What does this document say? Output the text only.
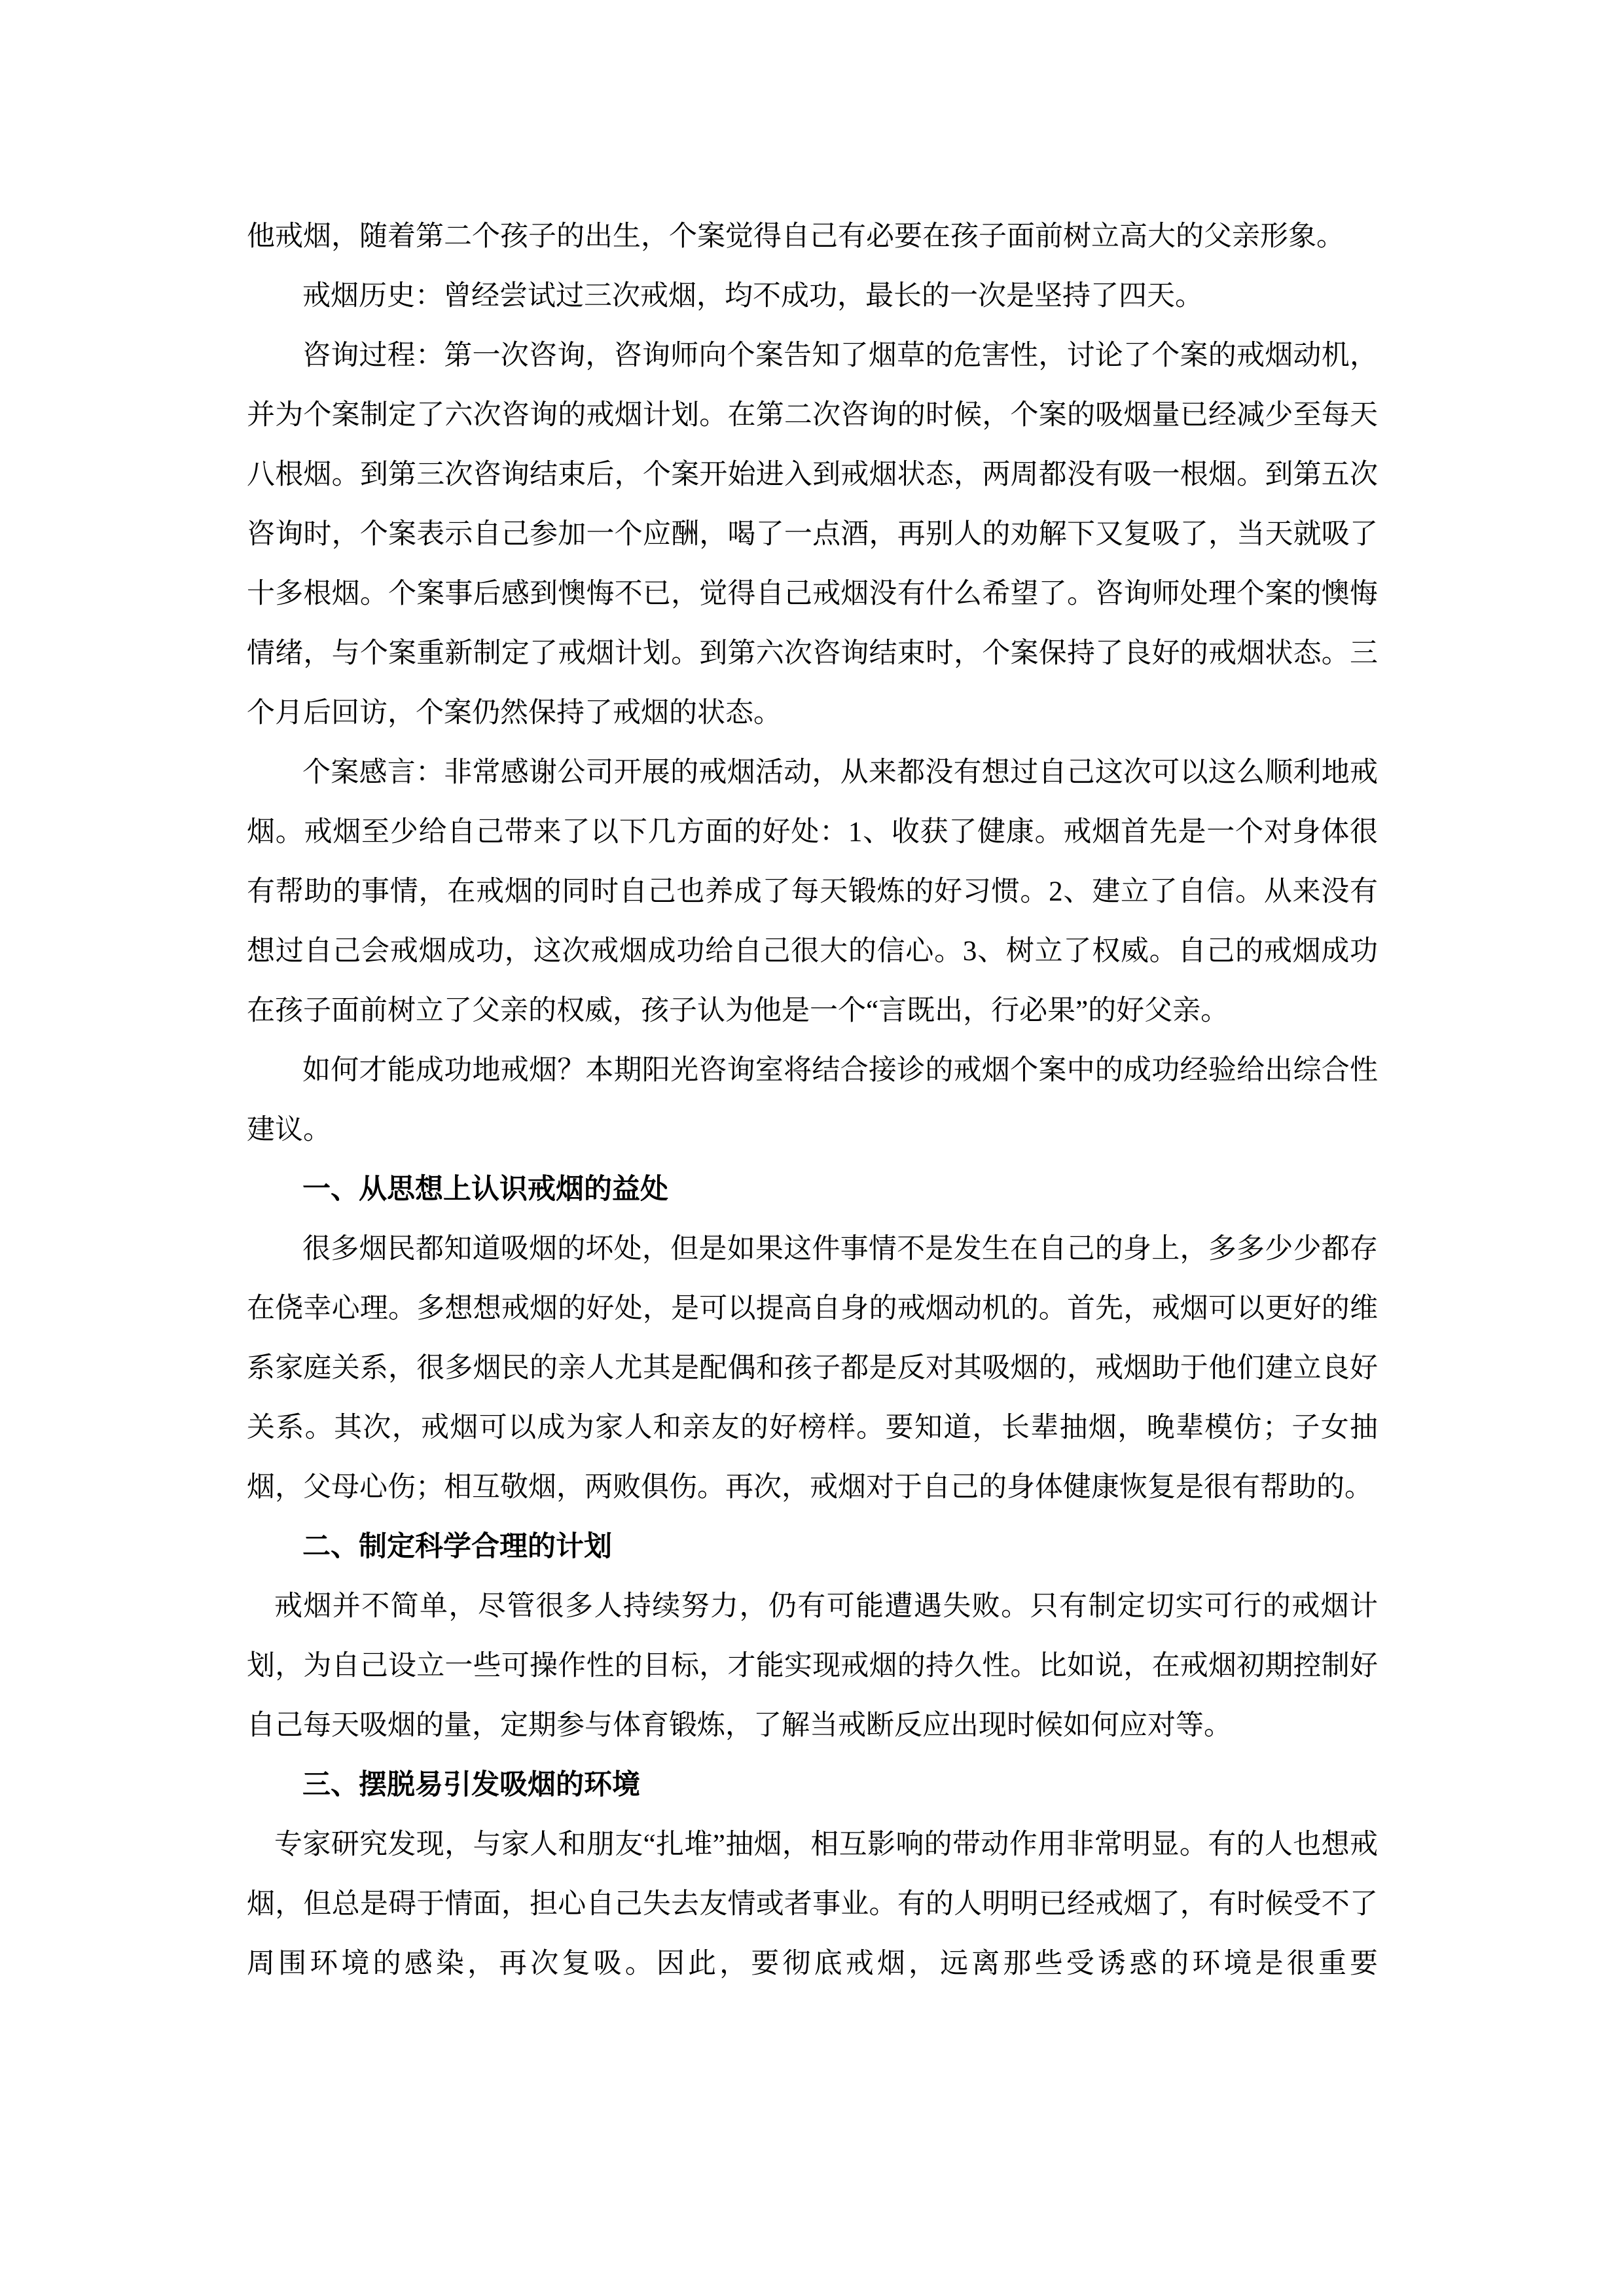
他戒烟，随着第二个孩子的出生，个案觉得自己有必要在孩子面前树立高大的父亲形象。

戒烟历史：曾经尝试过三次戒烟，均不成功，最长的一次是坚持了四天。

咨询过程：第一次咨询，咨询师向个案告知了烟草的危害性，讨论了个案的戒烟动机，并为个案制定了六次咨询的戒烟计划。在第二次咨询的时候，个案的吸烟量已经减少至每天八根烟。到第三次咨询结束后，个案开始进入到戒烟状态，两周都没有吸一根烟。到第五次咨询时，个案表示自己参加一个应酬，喝了一点酒，再别人的劝解下又复吸了，当天就吸了十多根烟。个案事后感到懊悔不已，觉得自己戒烟没有什么希望了。咨询师处理个案的懊悔情绪，与个案重新制定了戒烟计划。到第六次咨询结束时，个案保持了良好的戒烟状态。三个月后回访，个案仍然保持了戒烟的状态。

个案感言：非常感谢公司开展的戒烟活动，从来都没有想过自己这次可以这么顺利地戒烟。戒烟至少给自己带来了以下几方面的好处：1、收获了健康。戒烟首先是一个对身体很有帮助的事情，在戒烟的同时自己也养成了每天锻炼的好习惯。2、建立了自信。从来没有想过自己会戒烟成功，这次戒烟成功给自己很大的信心。3、树立了权威。自己的戒烟成功在孩子面前树立了父亲的权威，孩子认为他是一个“言既出，行必果”的好父亲。

如何才能成功地戒烟？本期阳光咨询室将结合接诊的戒烟个案中的成功经验给出综合性建议。

一、从思想上认识戒烟的益处

很多烟民都知道吸烟的坏处，但是如果这件事情不是发生在自己的身上，多多少少都存在侥幸心理。多想想戒烟的好处，是可以提高自身的戒烟动机的。首先，戒烟可以更好的维系家庭关系，很多烟民的亲人尤其是配偶和孩子都是反对其吸烟的，戒烟助于他们建立良好关系。其次，戒烟可以成为家人和亲友的好榜样。要知道，长辈抽烟，晚辈模仿；子女抽烟，父母心伤；相互敬烟，两败俱伤。再次，戒烟对于自己的身体健康恢复是很有帮助的。

二、制定科学合理的计划

戒烟并不简单，尽管很多人持续努力，仍有可能遭遇失败。只有制定切实可行的戒烟计划，为自己设立一些可操作性的目标，才能实现戒烟的持久性。比如说，在戒烟初期控制好自己每天吸烟的量，定期参与体育锻炼，了解当戒断反应出现时候如何应对等。

三、摆脱易引发吸烟的环境

专家研究发现，与家人和朋友“扎堆”抽烟，相互影响的带动作用非常明显。有的人也想戒烟，但总是碍于情面，担心自己失去友情或者事业。有的人明明已经戒烟了，有时候受不了周围环境的感染，再次复吸。因此，要彻底戒烟，远离那些受诱惑的环境是很重要
